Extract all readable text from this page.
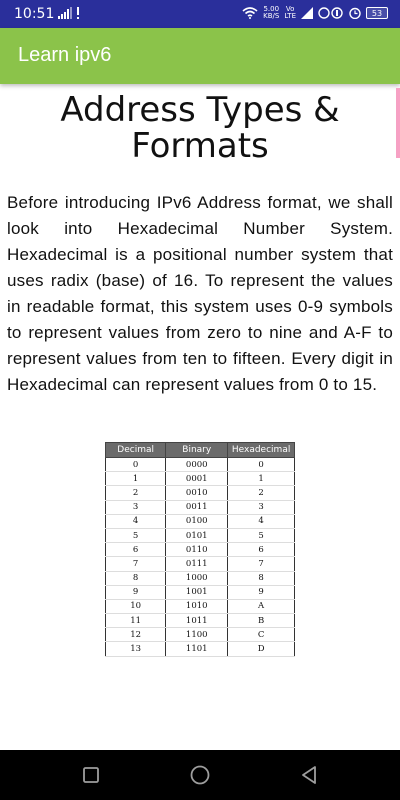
10:51	5.00
KB/S
Vo
LTE	53
Learn ipv6
Address Types & Formats

Before introducing IPv6 Address format, we shall look into Hexadecimal Number System. Hexadecimal is a positional number system that uses radix (base) of 16. To represent the values in readable format, this system uses 0-9 symbols to represent values from zero to nine and A-F to represent values from ten to fifteen. Every digit in Hexadecimal can represent values from 0 to 15.

Decimal	Binary	Hexadecimal
0	0000	0
1	0001	1
2	0010	2
3	0011	3
4	0100	4
5	0101	5
6	0110	6
7	0111	7
8	1000	8
9	1001	9
10	1010	A
11	1011	B
12	1100	C
13	1101	D
